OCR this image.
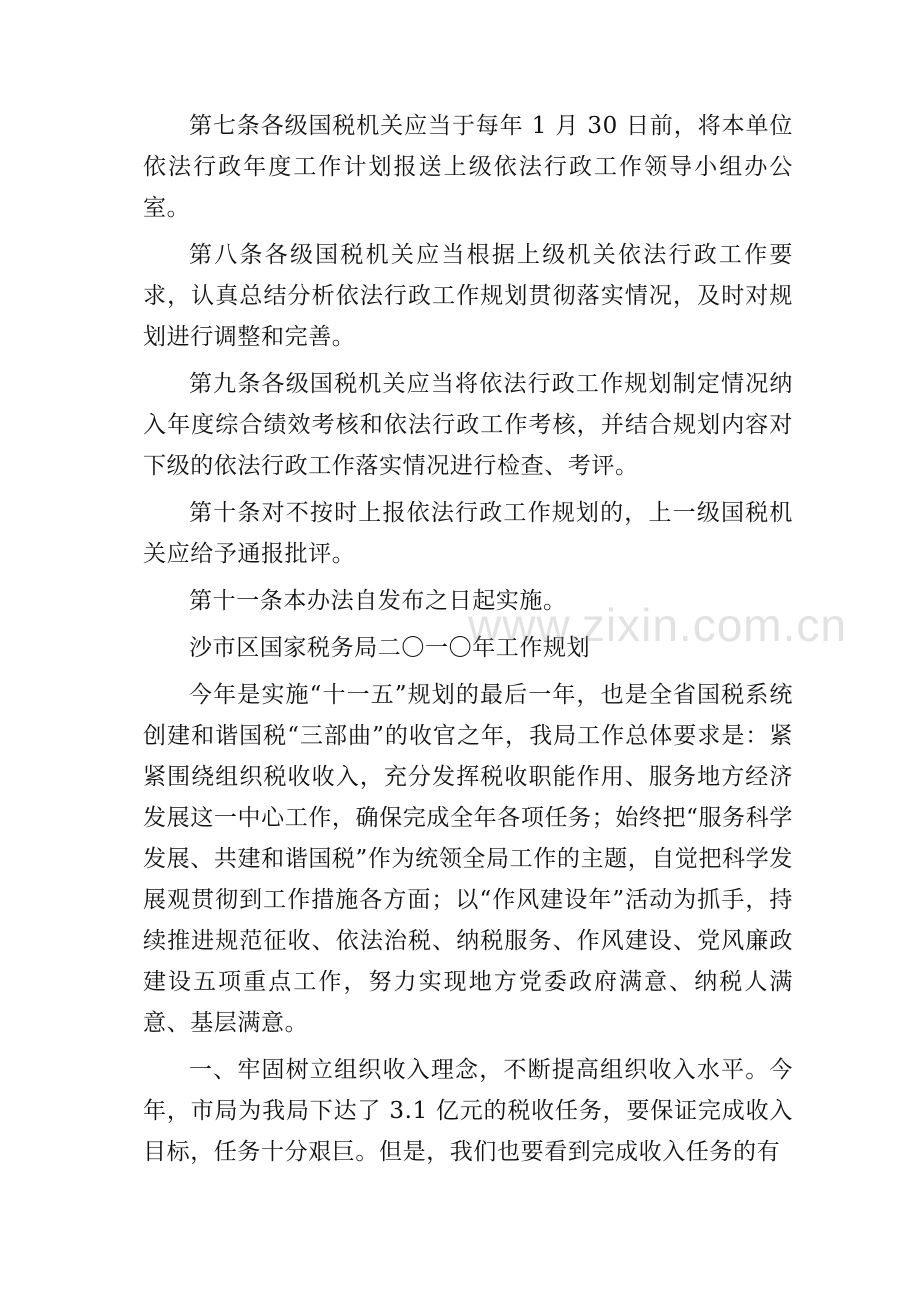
第七条各级国税机关应当于每年 1 月 30 日前，将本单位依法行政年度工作计划报送上级依法行政工作领导小组办公室。

第八条各级国税机关应当根据上级机关依法行政工作要求，认真总结分析依法行政工作规划贯彻落实情况，及时对规划进行调整和完善。

第九条各级国税机关应当将依法行政工作规划制定情况纳入年度综合绩效考核和依法行政工作考核，并结合规划内容对下级的依法行政工作落实情况进行检查、考评。

第十条对不按时上报依法行政工作规划的，上一级国税机关应给予通报批评。

第十一条本办法自发布之日起实施。

沙市区国家税务局二〇一〇年工作规划

今年是实施“十一五”规划的最后一年，也是全省国税系统创建和谐国税“三部曲”的收官之年，我局工作总体要求是：紧紧围绕组织税收收入，充分发挥税收职能作用、服务地方经济发展这一中心工作，确保完成全年各项任务；始终把“服务科学发展、共建和谐国税”作为统领全局工作的主题，自觉把科学发展观贯彻到工作措施各方面；以“作风建设年”活动为抓手，持续推进规范征收、依法治税、纳税服务、作风建设、党风廉政建设五项重点工作，努力实现地方党委政府满意、纳税人满意、基层满意。

一、牢固树立组织收入理念，不断提高组织收入水平。今年，市局为我局下达了 3.1 亿元的税收任务，要保证完成收入目标，任务十分艰巨。但是，我们也要看到完成收入任务的有

www.zixin.com.cn
